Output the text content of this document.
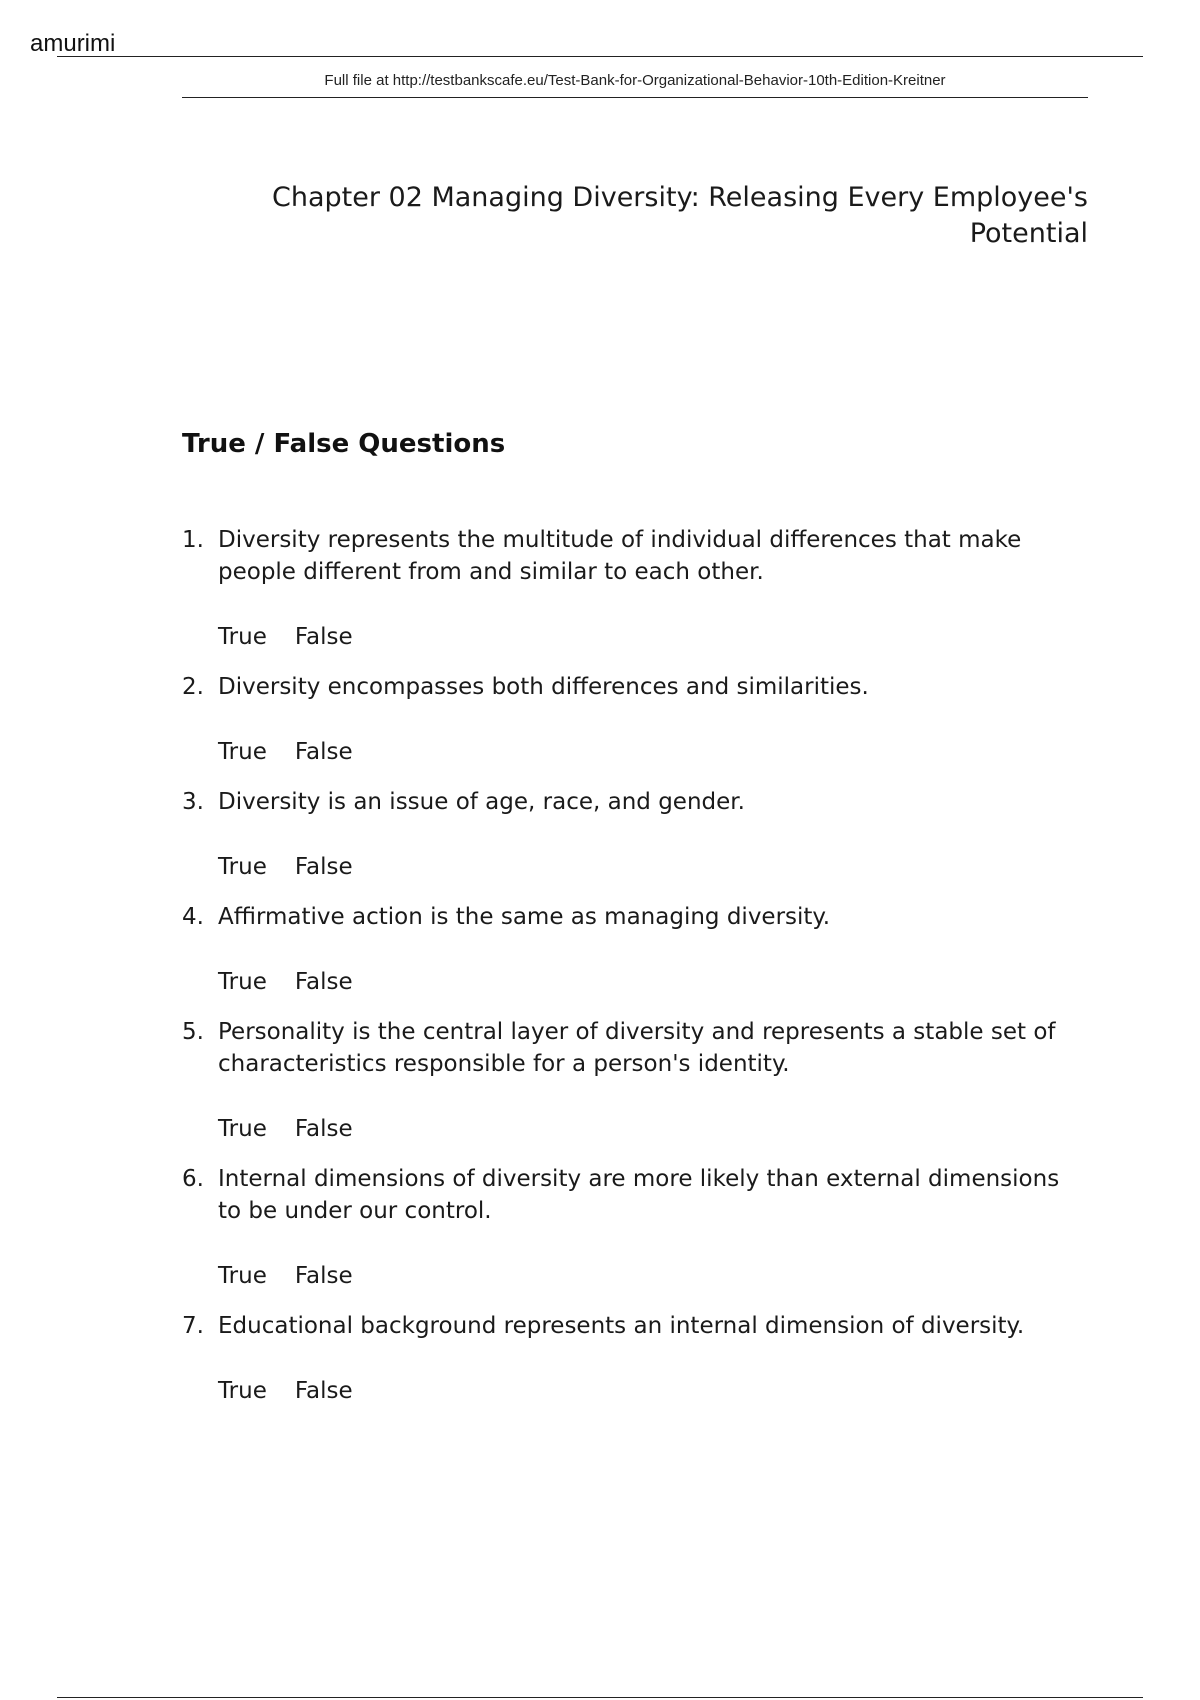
amurimi
Full file at http://testbankscafe.eu/Test-Bank-for-Organizational-Behavior-10th-Edition-Kreitner
Chapter 02 Managing Diversity: Releasing Every Employee's Potential
True / False Questions
1. Diversity represents the multitude of individual differences that make people different from and similar to each other.
True False
2. Diversity encompasses both differences and similarities.
True False
3. Diversity is an issue of age, race, and gender.
True False
4. Affirmative action is the same as managing diversity.
True False
5. Personality is the central layer of diversity and represents a stable set of characteristics responsible for a person's identity.
True False
6. Internal dimensions of diversity are more likely than external dimensions to be under our control.
True False
7. Educational background represents an internal dimension of diversity.
True False
